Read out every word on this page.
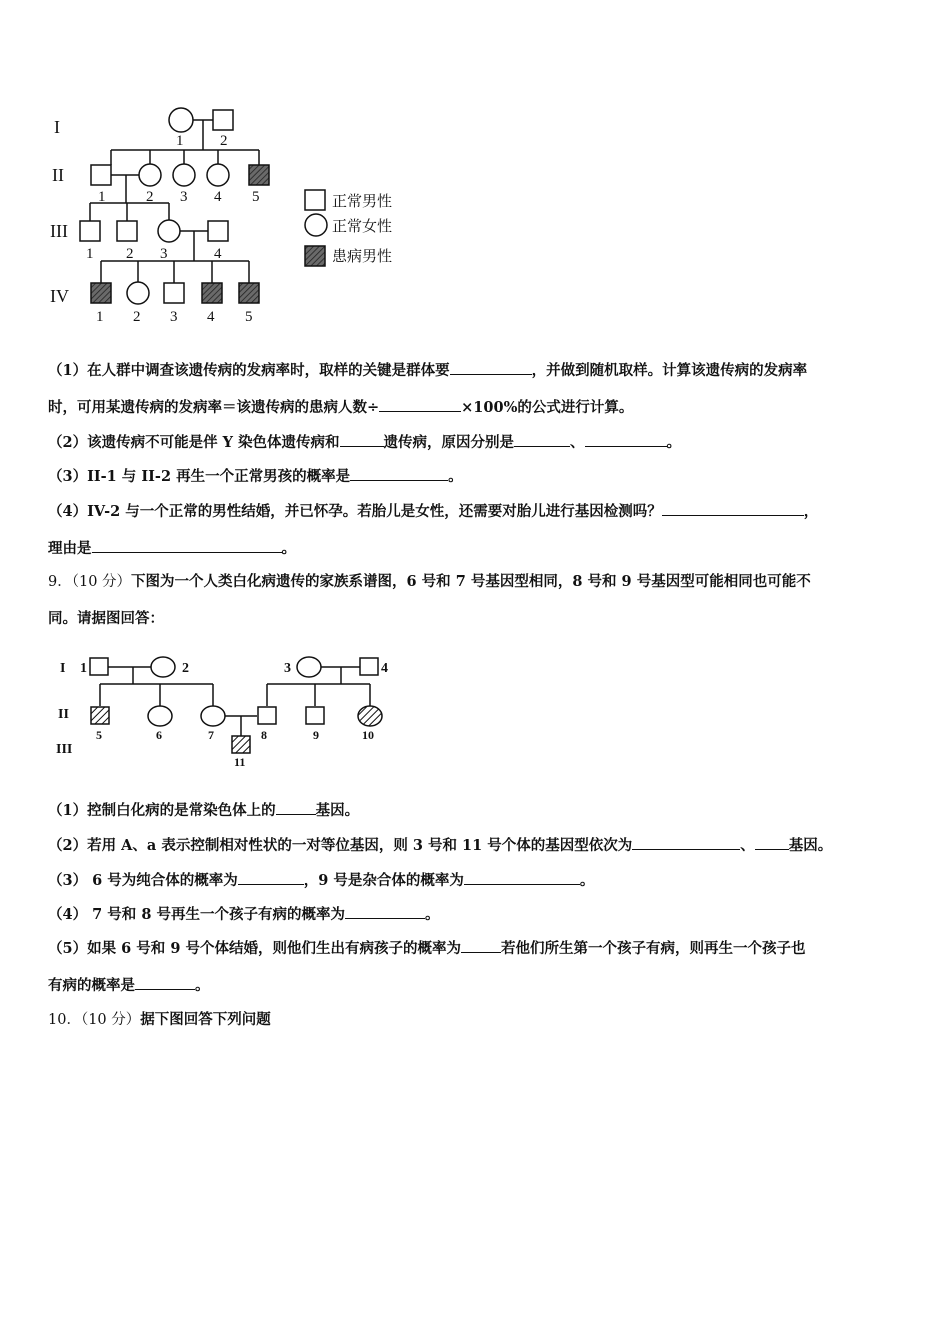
I
II
III
IV
1 2
1	2 3 4 5
1 2 3	4
1 2 3 4 5
正常男性
正常女性
患病男性
（1）在人群中调查该遗传病的发病率时，取样的关键是群体要	，并做到随机取样。计算该遗传病的发病率
时，可用某遗传病的发病率＝该遗传病的患病人数÷	×100%的公式进行计算。
（2）该遗传病不可能是伴 Y 染色体遗传病和	遗传病，原因分别是	、	。
（3）II-1 与 II-2 再生一个正常男孩的概率是	。
（4）IV-2 与一个正常的男性结婚，并已怀孕。若胎儿是女性，还需要对胎儿进行基因检测吗？	，
理由是	。
9．（10 分）下图为一个人类白化病遗传的家族系谱图，6 号和 7 号基因型相同，8 号和 9 号基因型可能相同也可能不
同。请据图回答：
I
II
III
1	2	3	4
5	6	7	8	9	10
11
（1）控制白化病的是常染色体上的	基因。
（2）若用 A、a 表示控制相对性状的一对等位基因，则 3 号和 11 号个体的基因型依次为	、 基因。
（3） 6 号为纯合体的概率为	，9 号是杂合体的概率为	。
（4） 7 号和 8 号再生一个孩子有病的概率为	。
（5）如果 6 号和 9 号个体结婚，则他们生出有病孩子的概率为	若他们所生第一个孩子有病，则再生一个孩子也
有病的概率是	。
10．（10 分）据下图回答下列问题
